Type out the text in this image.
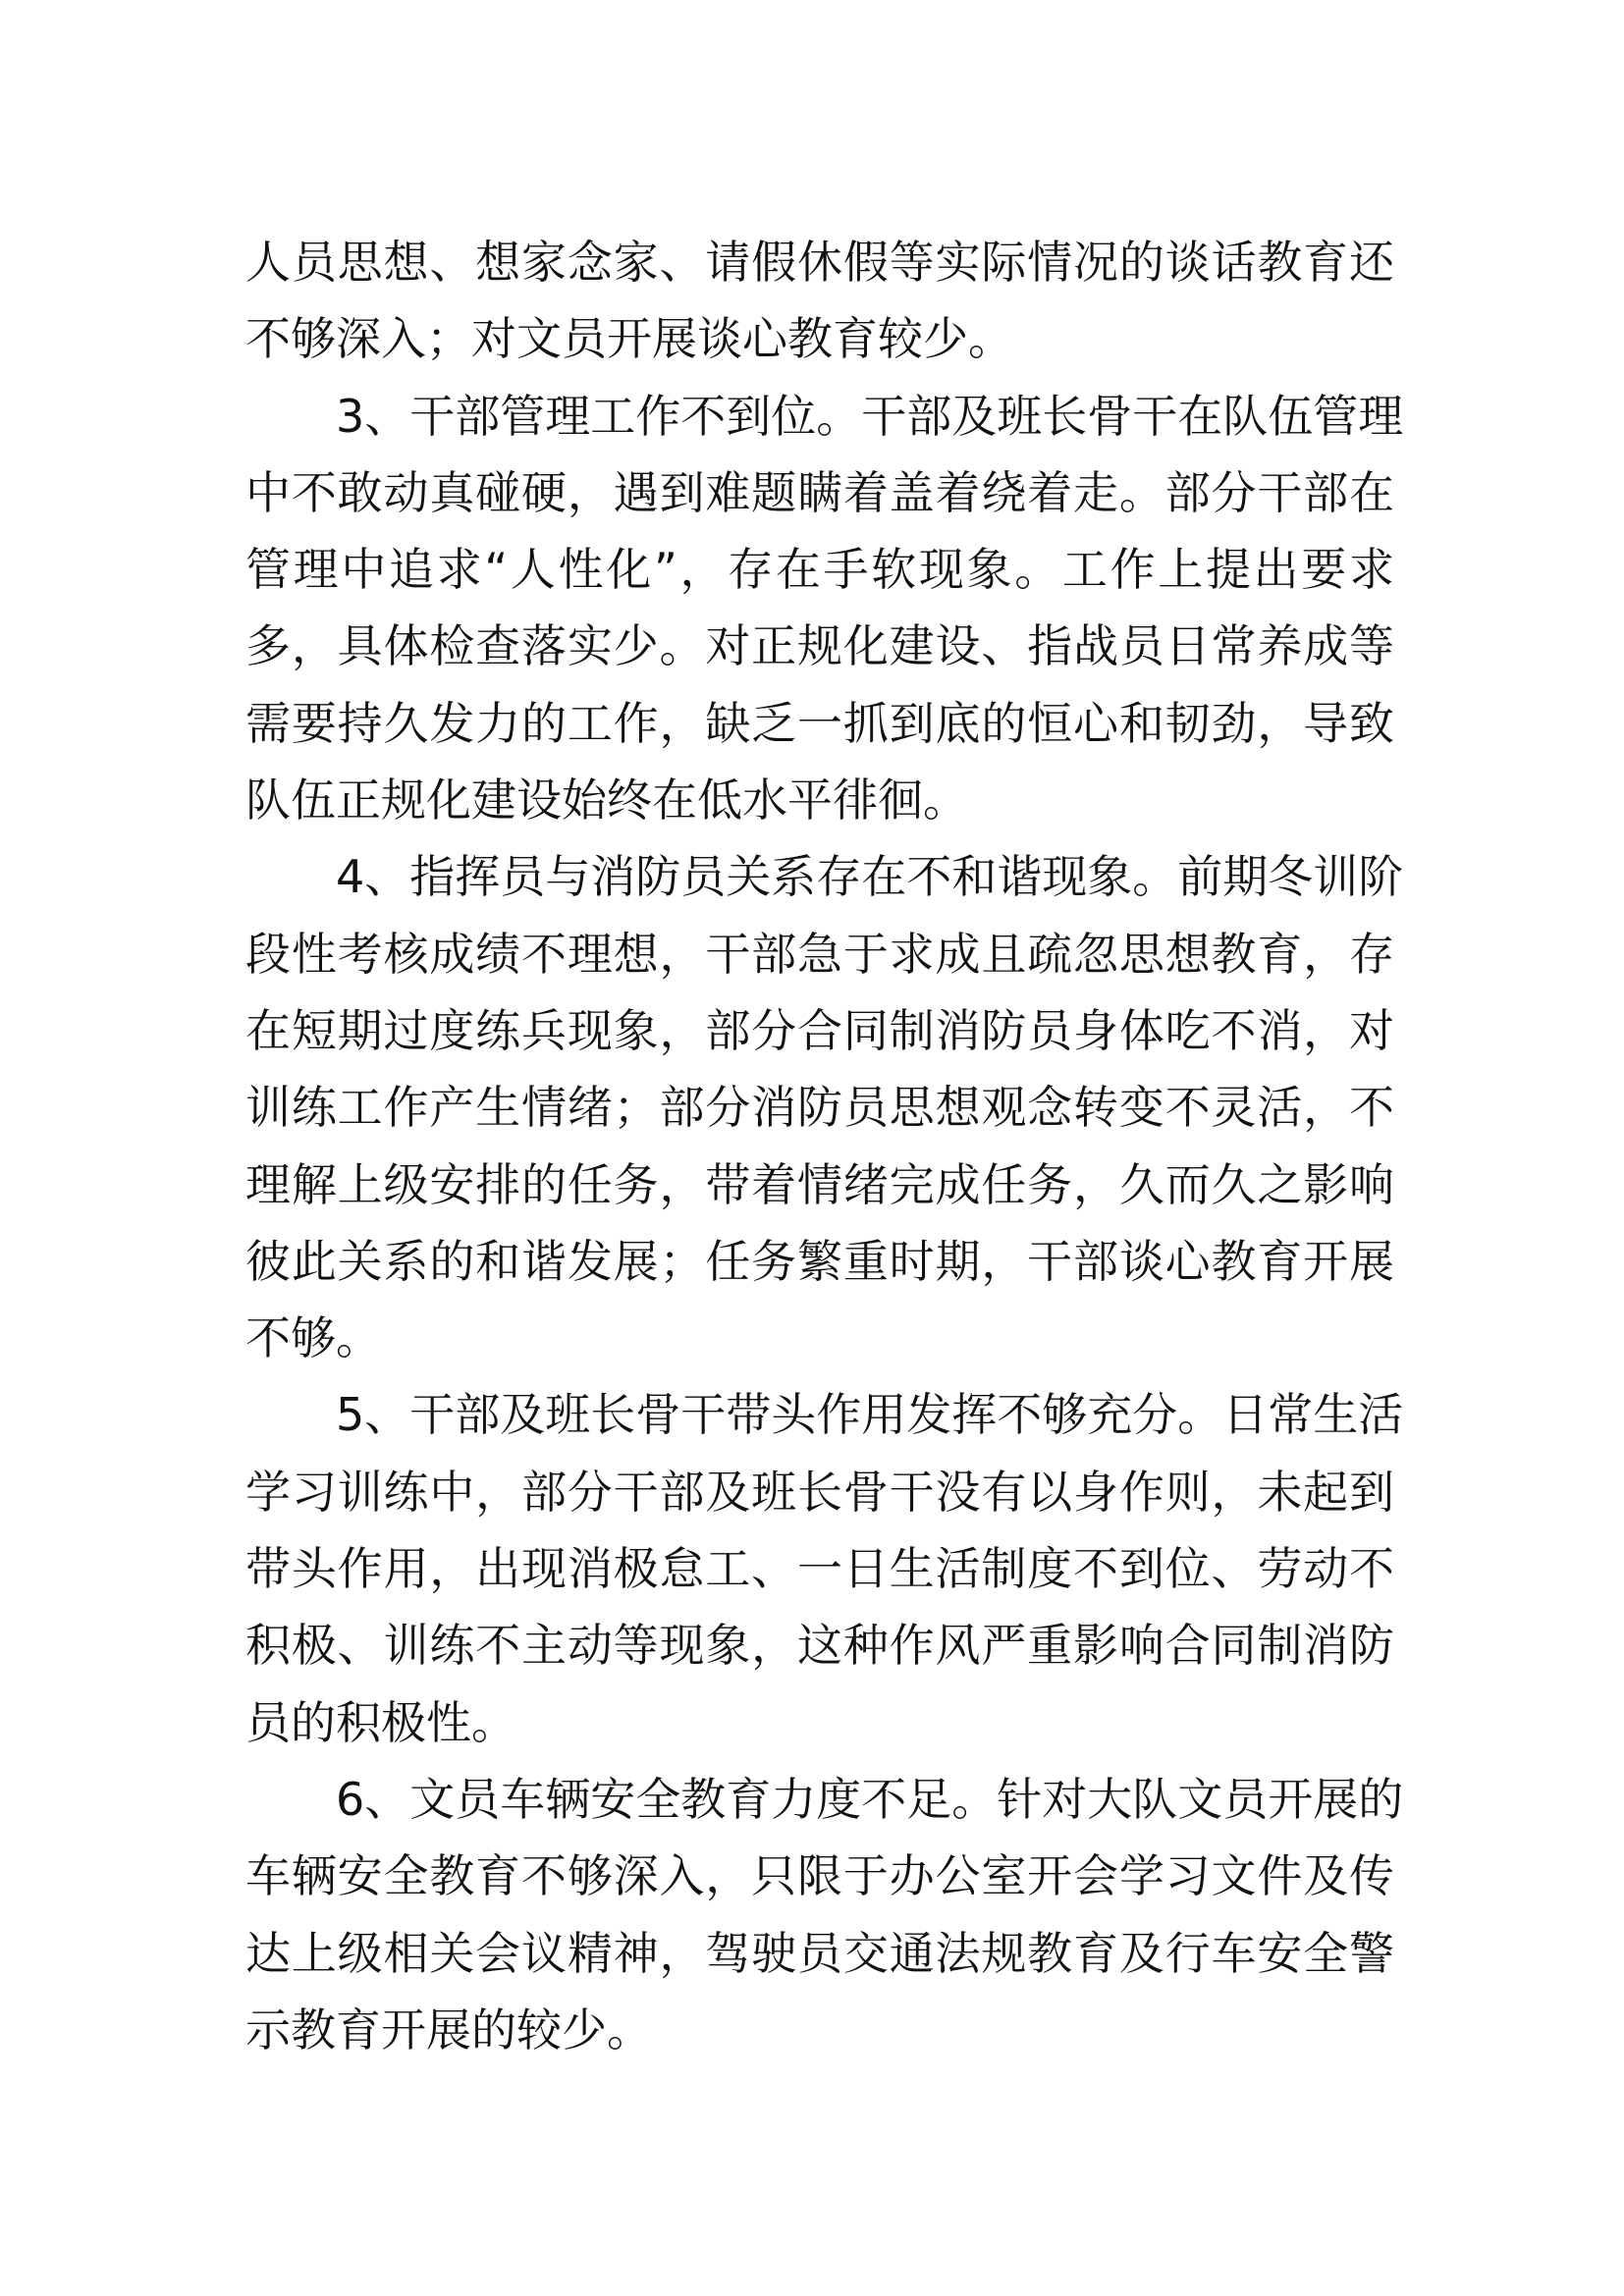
人员思想、想家念家、请假休假等实际情况的谈话教育还
不够深入；对文员开展谈心教育较少。
3、干部管理工作不到位。干部及班长骨干在队伍管理
中不敢动真碰硬，遇到难题瞒着盖着绕着走。部分干部在
管理中追求“人性化”，存在手软现象。工作上提出要求
多，具体检查落实少。对正规化建设、指战员日常养成等
需要持久发力的工作，缺乏一抓到底的恒心和韧劲，导致
队伍正规化建设始终在低水平徘徊。
4、指挥员与消防员关系存在不和谐现象。前期冬训阶
段性考核成绩不理想，干部急于求成且疏忽思想教育，存
在短期过度练兵现象，部分合同制消防员身体吃不消，对
训练工作产生情绪；部分消防员思想观念转变不灵活，不
理解上级安排的任务，带着情绪完成任务，久而久之影响
彼此关系的和谐发展；任务繁重时期，干部谈心教育开展
不够。
5、干部及班长骨干带头作用发挥不够充分。日常生活
学习训练中，部分干部及班长骨干没有以身作则，未起到
带头作用，出现消极怠工、一日生活制度不到位、劳动不
积极、训练不主动等现象，这种作风严重影响合同制消防
员的积极性。
6、文员车辆安全教育力度不足。针对大队文员开展的
车辆安全教育不够深入，只限于办公室开会学习文件及传
达上级相关会议精神，驾驶员交通法规教育及行车安全警
示教育开展的较少。
